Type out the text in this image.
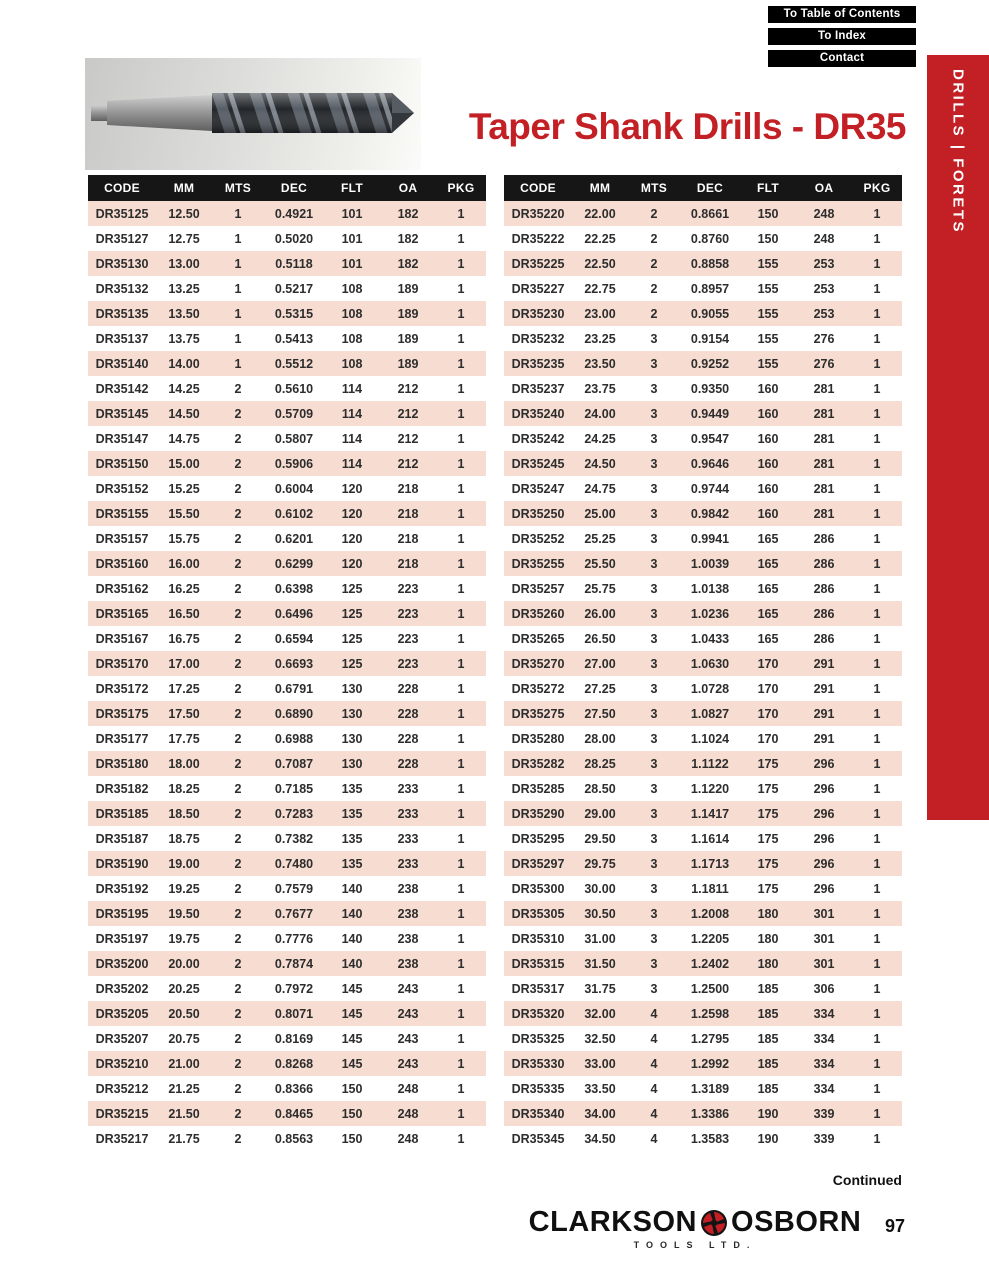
To Table of Contents
To Index
Contact
DRILLS | FORETS
Taper Shank Drills - DR35
CODE	MM	MTS	DEC	FLT	OA	PKG
DR35125	12.50	1	0.4921	101	182	1
DR35127	12.75	1	0.5020	101	182	1
DR35130	13.00	1	0.5118	101	182	1
DR35132	13.25	1	0.5217	108	189	1
DR35135	13.50	1	0.5315	108	189	1
DR35137	13.75	1	0.5413	108	189	1
DR35140	14.00	1	0.5512	108	189	1
DR35142	14.25	2	0.5610	114	212	1
DR35145	14.50	2	0.5709	114	212	1
DR35147	14.75	2	0.5807	114	212	1
DR35150	15.00	2	0.5906	114	212	1
DR35152	15.25	2	0.6004	120	218	1
DR35155	15.50	2	0.6102	120	218	1
DR35157	15.75	2	0.6201	120	218	1
DR35160	16.00	2	0.6299	120	218	1
DR35162	16.25	2	0.6398	125	223	1
DR35165	16.50	2	0.6496	125	223	1
DR35167	16.75	2	0.6594	125	223	1
DR35170	17.00	2	0.6693	125	223	1
DR35172	17.25	2	0.6791	130	228	1
DR35175	17.50	2	0.6890	130	228	1
DR35177	17.75	2	0.6988	130	228	1
DR35180	18.00	2	0.7087	130	228	1
DR35182	18.25	2	0.7185	135	233	1
DR35185	18.50	2	0.7283	135	233	1
DR35187	18.75	2	0.7382	135	233	1
DR35190	19.00	2	0.7480	135	233	1
DR35192	19.25	2	0.7579	140	238	1
DR35195	19.50	2	0.7677	140	238	1
DR35197	19.75	2	0.7776	140	238	1
DR35200	20.00	2	0.7874	140	238	1
DR35202	20.25	2	0.7972	145	243	1
DR35205	20.50	2	0.8071	145	243	1
DR35207	20.75	2	0.8169	145	243	1
DR35210	21.00	2	0.8268	145	243	1
DR35212	21.25	2	0.8366	150	248	1
DR35215	21.50	2	0.8465	150	248	1
DR35217	21.75	2	0.8563	150	248	1
CODE	MM	MTS	DEC	FLT	OA	PKG
DR35220	22.00	2	0.8661	150	248	1
DR35222	22.25	2	0.8760	150	248	1
DR35225	22.50	2	0.8858	155	253	1
DR35227	22.75	2	0.8957	155	253	1
DR35230	23.00	2	0.9055	155	253	1
DR35232	23.25	3	0.9154	155	276	1
DR35235	23.50	3	0.9252	155	276	1
DR35237	23.75	3	0.9350	160	281	1
DR35240	24.00	3	0.9449	160	281	1
DR35242	24.25	3	0.9547	160	281	1
DR35245	24.50	3	0.9646	160	281	1
DR35247	24.75	3	0.9744	160	281	1
DR35250	25.00	3	0.9842	160	281	1
DR35252	25.25	3	0.9941	165	286	1
DR35255	25.50	3	1.0039	165	286	1
DR35257	25.75	3	1.0138	165	286	1
DR35260	26.00	3	1.0236	165	286	1
DR35265	26.50	3	1.0433	165	286	1
DR35270	27.00	3	1.0630	170	291	1
DR35272	27.25	3	1.0728	170	291	1
DR35275	27.50	3	1.0827	170	291	1
DR35280	28.00	3	1.1024	170	291	1
DR35282	28.25	3	1.1122	175	296	1
DR35285	28.50	3	1.1220	175	296	1
DR35290	29.00	3	1.1417	175	296	1
DR35295	29.50	3	1.1614	175	296	1
DR35297	29.75	3	1.1713	175	296	1
DR35300	30.00	3	1.1811	175	296	1
DR35305	30.50	3	1.2008	180	301	1
DR35310	31.00	3	1.2205	180	301	1
DR35315	31.50	3	1.2402	180	301	1
DR35317	31.75	3	1.2500	185	306	1
DR35320	32.00	4	1.2598	185	334	1
DR35325	32.50	4	1.2795	185	334	1
DR35330	33.00	4	1.2992	185	334	1
DR35335	33.50	4	1.3189	185	334	1
DR35340	34.00	4	1.3386	190	339	1
DR35345	34.50	4	1.3583	190	339	1
Continued
CLARKSON OSBORN
TOOLS LTD.
97
